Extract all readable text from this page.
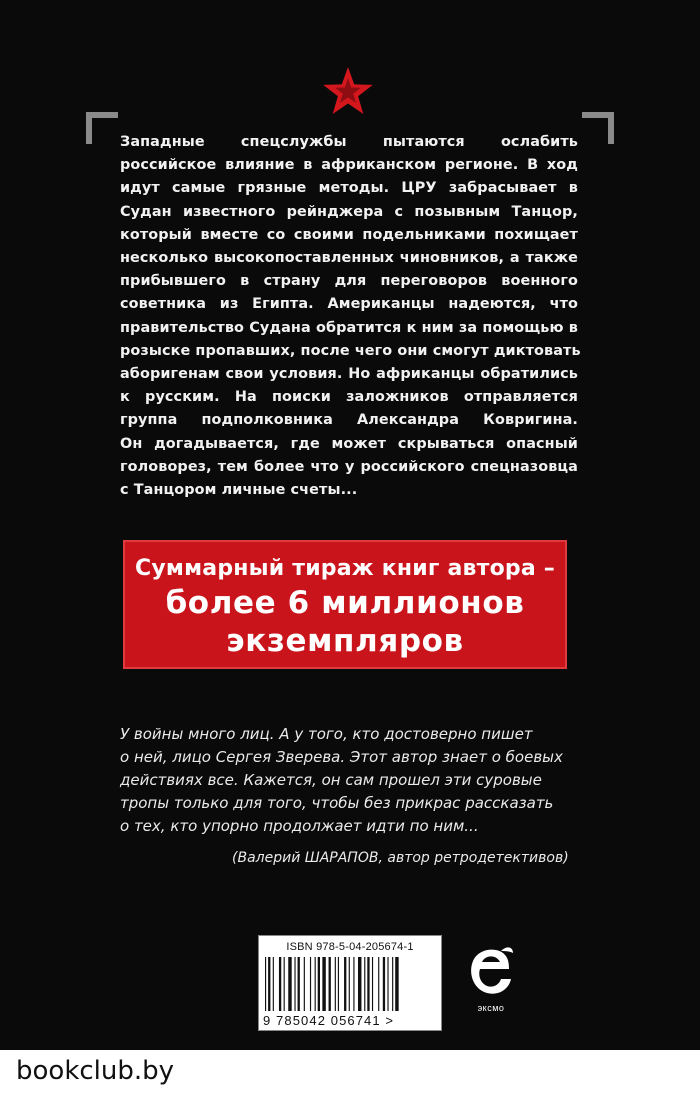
Западные спецслужбы пытаются ослабить
российское влияние в африканском регионе. В ход
идут самые грязные методы. ЦРУ забрасывает в
Судан известного рейнджера с позывным Танцор,
который вместе со своими подельниками похищает
несколько высокопоставленных чиновников, а также
прибывшего в страну для переговоров военного
советника из Египта. Американцы надеются, что
правительство Судана обратится к ним за помощью в
розыске пропавших, после чего они смогут диктовать
аборигенам свои условия. Но африканцы обратились
к русским. На поиски заложников отправляется
группа подполковника Александра Ковригина.
Он догадывается, где может скрываться опасный
головорез, тем более что у российского спецназовца
с Танцором личные счеты...
Суммарный тираж книг автора –
более 6 миллионов
экземпляров
У войны много лиц. А у того, кто достоверно пишет
о ней, лицо Сергея Зверева. Этот автор знает о боевых
действиях все. Кажется, он сам прошел эти суровые
тропы только для того, чтобы без прикрас рассказать
о тех, кто упорно продолжает идти по ним...
(Валерий ШАРАПОВ, автор ретродетективов)
ISBN 978-5-04-205674-1
9 785042 056741 >
эксмо
bookclub.by
